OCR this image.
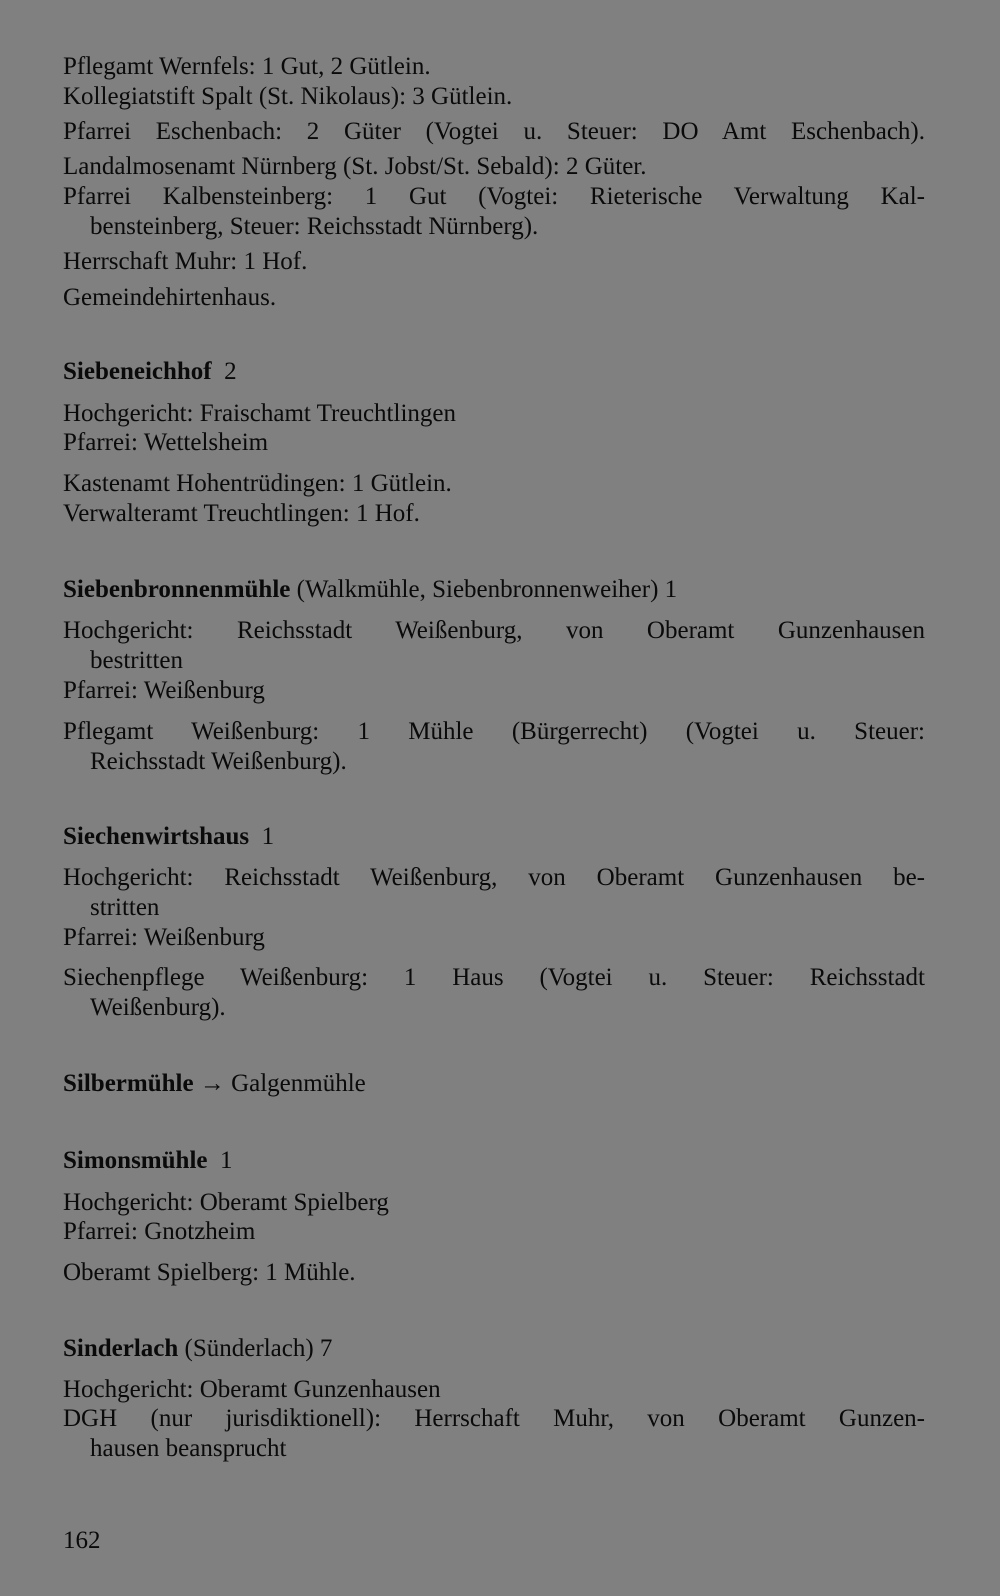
Pflegamt Wernfels: 1 Gut, 2 Gütlein.
Kollegiatstift Spalt (St. Nikolaus): 3 Gütlein.
Pfarrei Eschenbach: 2 Güter (Vogtei u. Steuer: DO Amt Eschenbach).
Landalmosenamt Nürnberg (St. Jobst/St. Sebald): 2 Güter.
Pfarrei Kalbensteinberg: 1 Gut (Vogtei: Rieterische Verwaltung Kal-
bensteinberg, Steuer: Reichsstadt Nürnberg).
Herrschaft Muhr: 1 Hof.
Gemeindehirtenhaus.
Siebeneichhof 2
Hochgericht: Fraischamt Treuchtlingen
Pfarrei: Wettelsheim
Kastenamt Hohentrüdingen: 1 Gütlein.
Verwalteramt Treuchtlingen: 1 Hof.
Siebenbronnenmühle (Walkmühle, Siebenbronnenweiher) 1
Hochgericht: Reichsstadt Weißenburg, von Oberamt Gunzenhausen
bestritten
Pfarrei: Weißenburg
Pflegamt Weißenburg: 1 Mühle (Bürgerrecht) (Vogtei u. Steuer:
Reichsstadt Weißenburg).
Siechenwirtshaus 1
Hochgericht: Reichsstadt Weißenburg, von Oberamt Gunzenhausen be-
stritten
Pfarrei: Weißenburg
Siechenpflege Weißenburg: 1 Haus (Vogtei u. Steuer: Reichsstadt
Weißenburg).
Silbermühle → Galgenmühle
Simonsmühle 1
Hochgericht: Oberamt Spielberg
Pfarrei: Gnotzheim
Oberamt Spielberg: 1 Mühle.
Sinderlach (Sünderlach) 7
Hochgericht: Oberamt Gunzenhausen
DGH (nur jurisdiktionell): Herrschaft Muhr, von Oberamt Gunzen-
hausen beansprucht
162
